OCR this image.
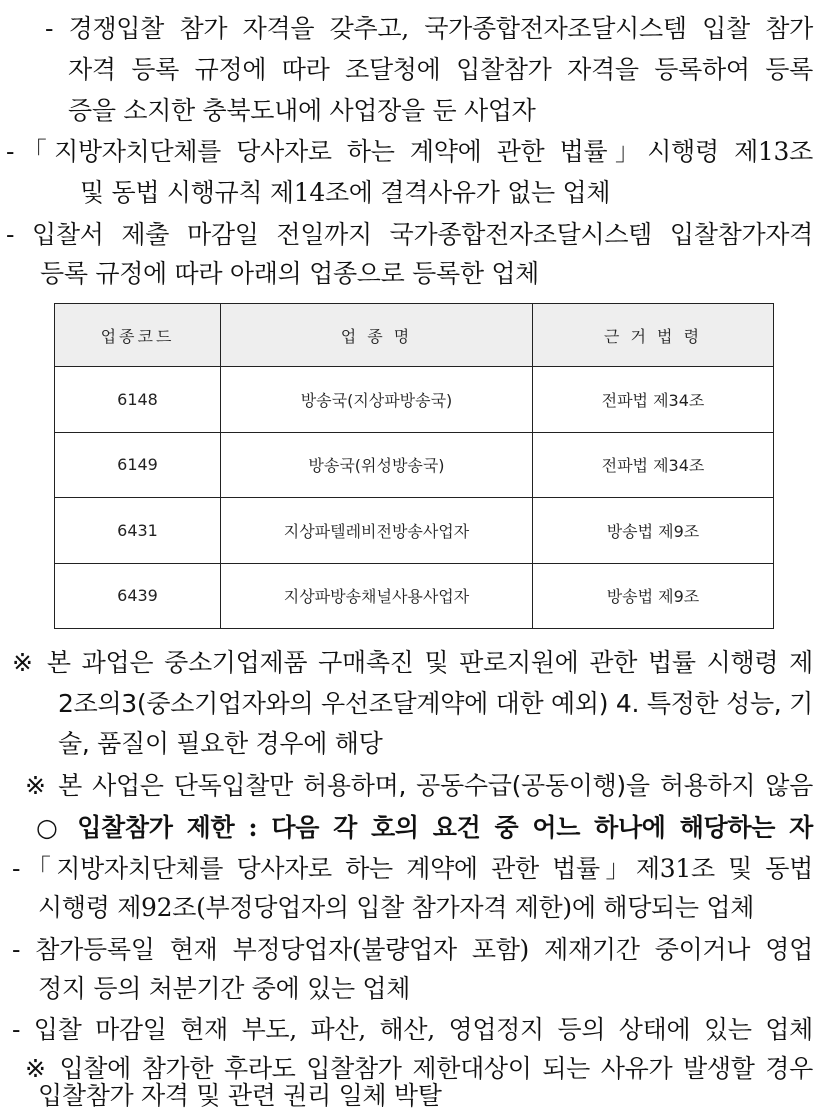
- 경쟁입찰 참가 자격을 갖추고, 국가종합전자조달시스템 입찰 참가
자격 등록 규정에 따라 조달청에 입찰참가 자격을 등록하여 등록
증을 소지한 충북도내에 사업장을 둔 사업자
-「지방자치단체를 당사자로 하는 계약에 관한 법률」시행령 제13조
및 동법 시행규칙 제14조에 결격사유가 없는 업체
- 입찰서 제출 마감일 전일까지 국가종합전자조달시스템 입찰참가자격
등록 규정에 따라 아래의 업종으로 등록한 업체
업종코드	업 종 명	근 거 법 령
6148	방송국(지상파방송국)	전파법 제34조
6149	방송국(위성방송국)	전파법 제34조
6431	지상파텔레비전방송사업자	방송법 제9조
6439	지상파방송채널사용사업자	방송법 제9조
※ 본 과업은 중소기업제품 구매촉진 및 판로지원에 관한 법률 시행령 제
2조의3(중소기업자와의 우선조달계약에 대한 예외) 4. 특정한 성능, 기
술, 품질이 필요한 경우에 해당
※ 본 사업은 단독입찰만 허용하며, 공동수급(공동이행)을 허용하지 않음
○ 입찰참가 제한 : 다음 각 호의 요건 중 어느 하나에 해당하는 자
-「지방자치단체를 당사자로 하는 계약에 관한 법률」제31조 및 동법
시행령 제92조(부정당업자의 입찰 참가자격 제한)에 해당되는 업체
- 참가등록일 현재 부정당업자(불량업자 포함) 제재기간 중이거나 영업
정지 등의 처분기간 중에 있는 업체
- 입찰 마감일 현재 부도, 파산, 해산, 영업정지 등의 상태에 있는 업체
※ 입찰에 참가한 후라도 입찰참가 제한대상이 되는 사유가 발생할 경우
입찰참가 자격 및 관련 권리 일체 박탈
